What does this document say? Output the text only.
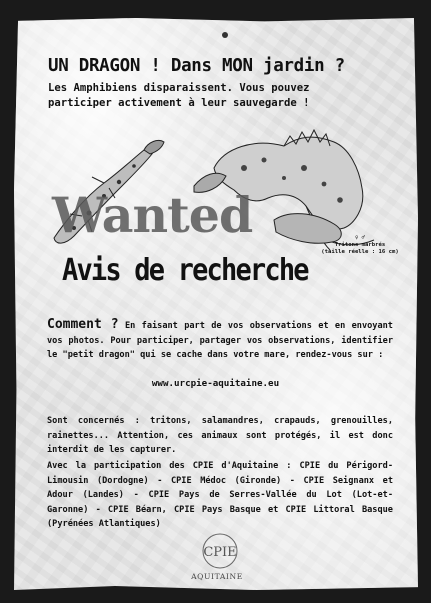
UN DRAGON ! Dans MON jardin ?
Les Amphibiens disparaissent. Vous pouvez participer activement à leur sauvegarde !
♀ ♂
Tritons marbrés
(taille réelle : 16 cm)
Wanted
Avis de recherche
Comment ? En faisant part de vos observations et en envoyant vos photos. Pour participer, partager vos observations, identifier le "petit dragon" qui se cache dans votre mare, rendez-vous sur :
www.urcpie-aquitaine.eu
Sont concernés : tritons, salamandres, crapauds, grenouilles, rainettes... Attention, ces animaux sont protégés, il est donc interdit de les capturer.
Avec la participation des CPIE d'Aquitaine : CPIE du Périgord-Limousin (Dordogne) - CPIE Médoc (Gironde) - CPIE Seignanx et Adour (Landes) - CPIE Pays de Serres-Vallée du Lot (Lot-et-Garonne) - CPIE Béarn, CPIE Pays Basque et CPIE Littoral Basque (Pyrénées Atlantiques)
CPIE
AQUITAINE
